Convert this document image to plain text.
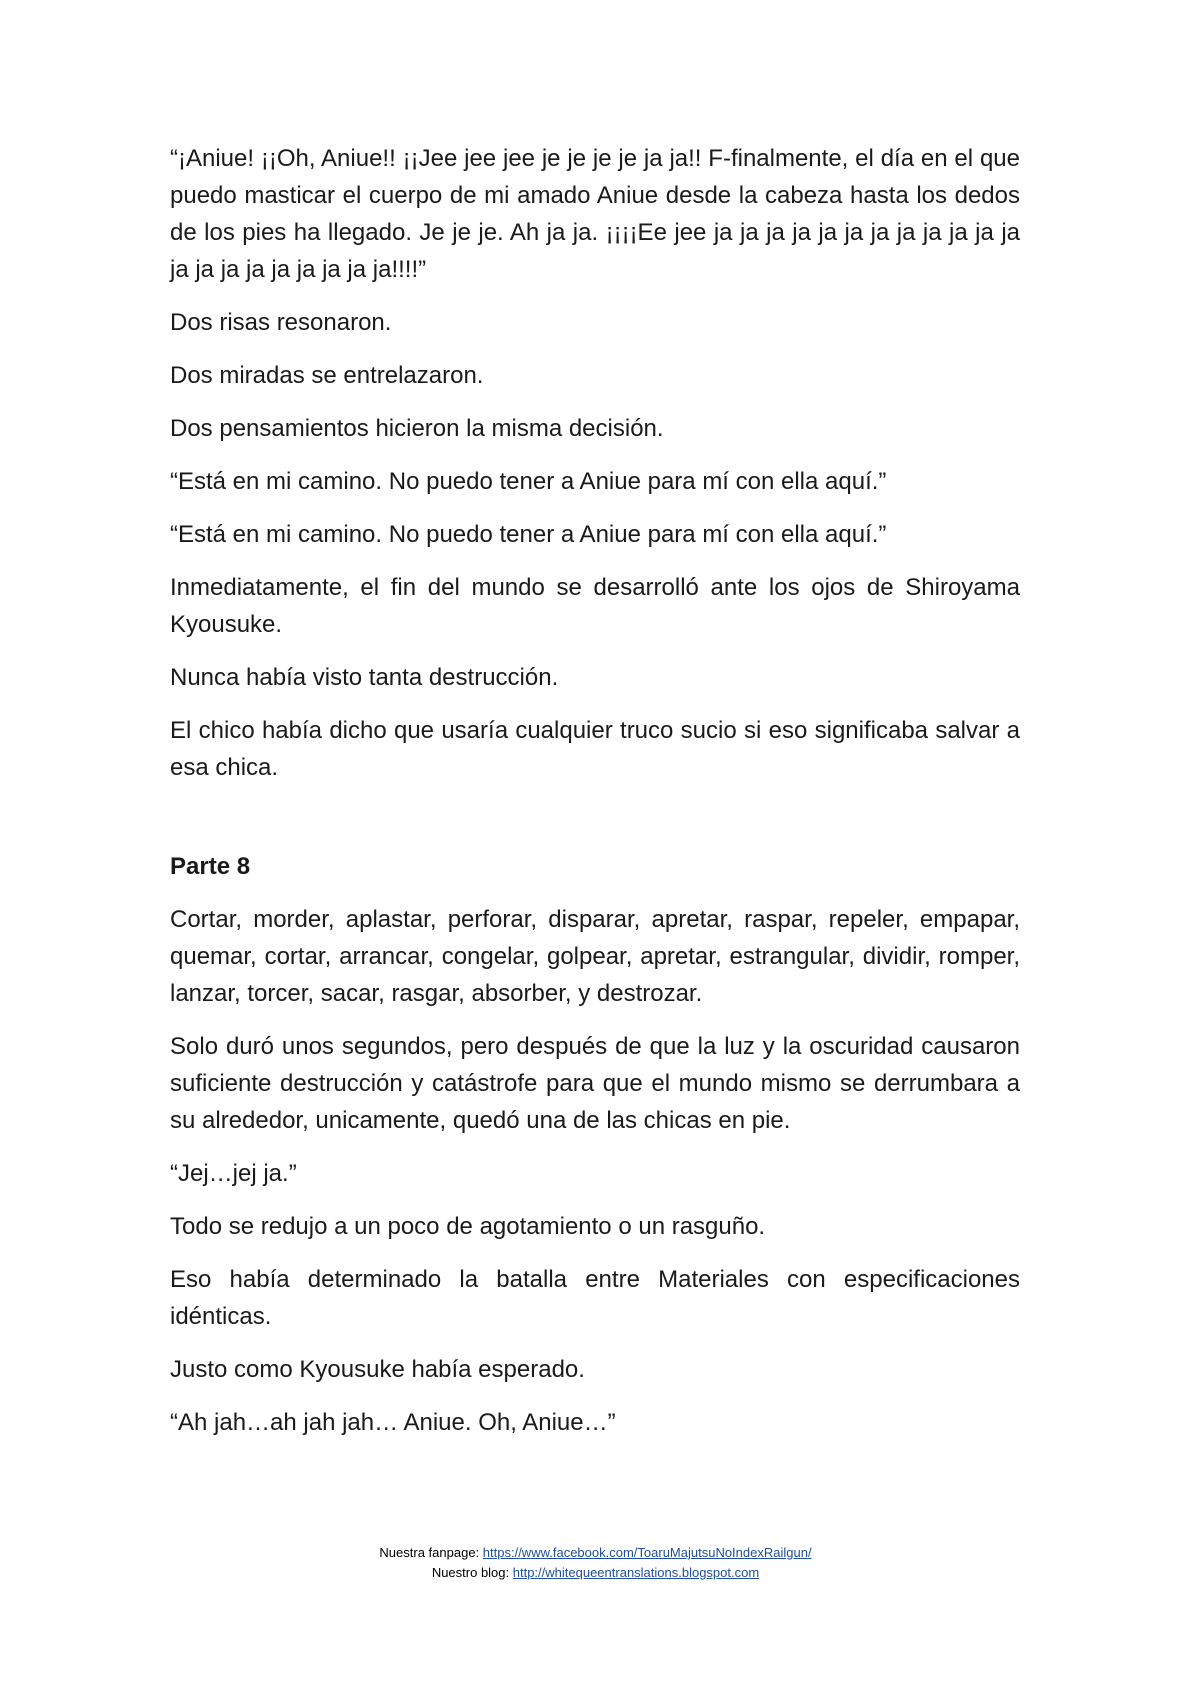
“¡Aniue! ¡¡Oh, Aniue!! ¡¡Jee jee jee je je je je ja ja!! F-finalmente, el día en el que puedo masticar el cuerpo de mi amado Aniue desde la cabeza hasta los dedos de los pies ha llegado. Je je je. Ah ja ja. ¡¡¡¡Ee jee ja ja ja ja ja ja ja ja ja ja ja ja ja ja ja ja ja ja ja ja ja!!!!”

Dos risas resonaron.

Dos miradas se entrelazaron.

Dos pensamientos hicieron la misma decisión.

“Está en mi camino. No puedo tener a Aniue para mí con ella aquí.”

“Está en mi camino. No puedo tener a Aniue para mí con ella aquí.”

Inmediatamente, el fin del mundo se desarrolló ante los ojos de Shiroyama Kyousuke.

Nunca había visto tanta destrucción.

El chico había dicho que usaría cualquier truco sucio si eso significaba salvar a esa chica.

Parte 8

Cortar, morder, aplastar, perforar, disparar, apretar, raspar, repeler, empapar, quemar, cortar, arrancar, congelar, golpear, apretar, estrangular, dividir, romper, lanzar, torcer, sacar, rasgar, absorber, y destrozar.

Solo duró unos segundos, pero después de que la luz y la oscuridad causaron suficiente destrucción y catástrofe para que el mundo mismo se derrumbara a su alrededor, unicamente, quedó una de las chicas en pie.

“Jej…jej ja.”

Todo se redujo a un poco de agotamiento o un rasguño.

Eso había determinado la batalla entre Materiales con especificaciones idénticas.

Justo como Kyousuke había esperado.

“Ah jah…ah jah jah… Aniue. Oh, Aniue…”

Nuestra fanpage: https://www.facebook.com/ToaruMajutsuNoIndexRailgun/
Nuestro blog: http://whitequeentranslations.blogspot.com
